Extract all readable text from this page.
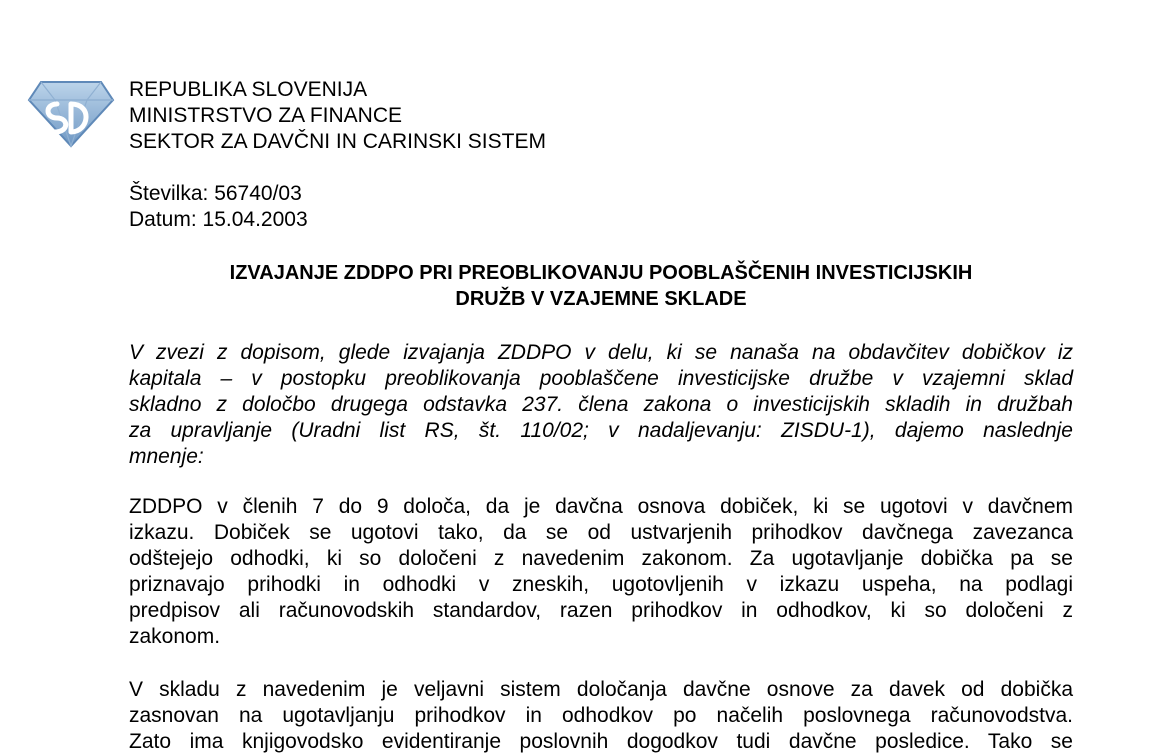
REPUBLIKA SLOVENIJA
MINISTRSTVO ZA FINANCE
SEKTOR ZA DAVČNI IN CARINSKI SISTEM
Številka: 56740/03
Datum: 15.04.2003
IZVAJANJE ZDDPO PRI PREOBLIKOVANJU POOBLAŠČENIH INVESTICIJSKIH
DRUŽB V VZAJEMNE SKLADE
V zvezi z dopisom, glede izvajanja ZDDPO v delu, ki se nanaša na obdavčitev dobičkov iz
kapitala – v postopku preoblikovanja pooblaščene investicijske družbe v vzajemni sklad
skladno z določbo drugega odstavka 237. člena zakona o investicijskih skladih in družbah
za upravljanje (Uradni list RS, št. 110/02; v nadaljevanju: ZISDU-1), dajemo naslednje
mnenje:
ZDDPO v členih 7 do 9 določa, da je davčna osnova dobiček, ki se ugotovi v davčnem
izkazu. Dobiček se ugotovi tako, da se od ustvarjenih prihodkov davčnega zavezanca
odštejejo odhodki, ki so določeni z navedenim zakonom. Za ugotavljanje dobička pa se
priznavajo prihodki in odhodki v zneskih, ugotovljenih v izkazu uspeha, na podlagi
predpisov ali računovodskih standardov, razen prihodkov in odhodkov, ki so določeni z
zakonom.
V skladu z navedenim je veljavni sistem določanja davčne osnove za davek od dobička
zasnovan na ugotavljanju prihodkov in odhodkov po načelih poslovnega računovodstva.
Zato ima knjigovodsko evidentiranje poslovnih dogodkov tudi davčne posledice. Tako se
